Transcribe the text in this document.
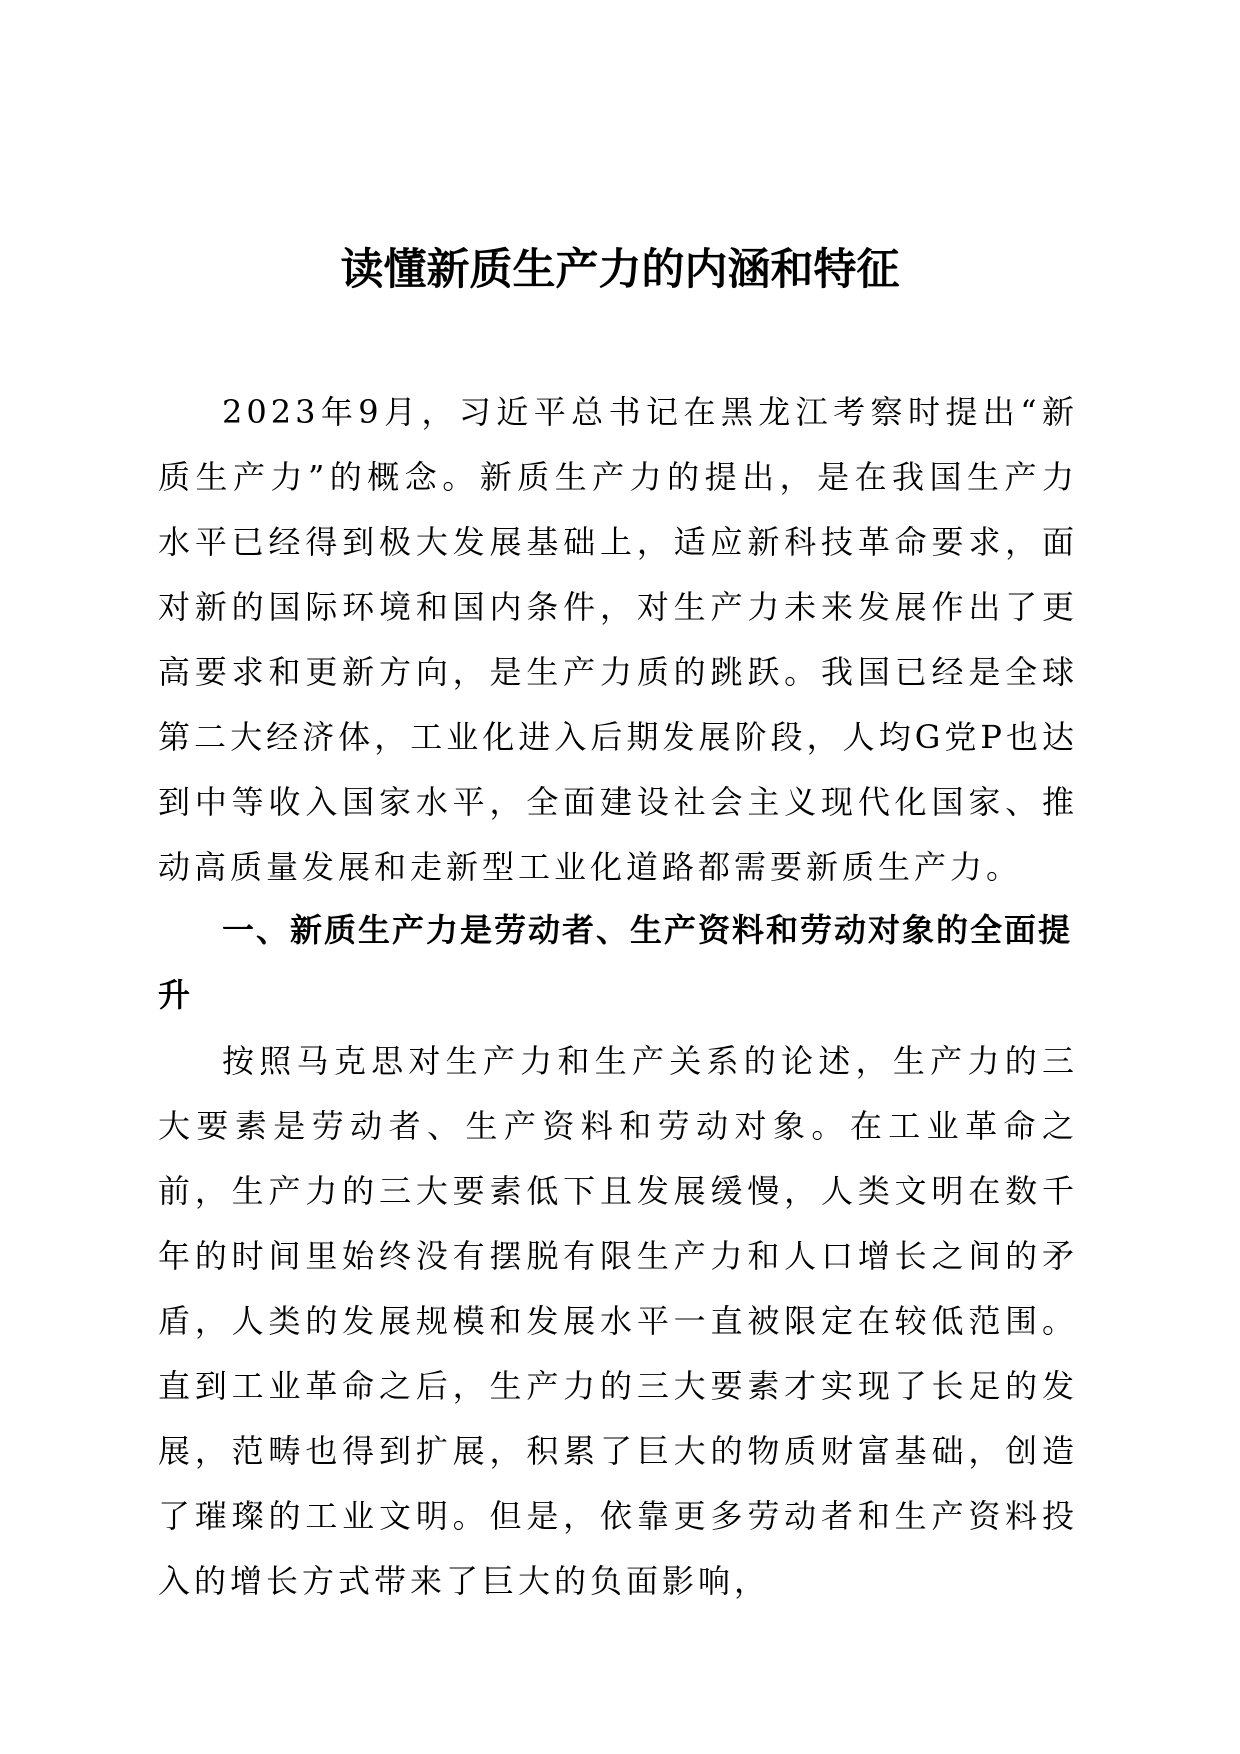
读懂新质生产力的内涵和特征

2023年9月，习近平总书记在黑龙江考察时提出“新质生产力”的概念。新质生产力的提出，是在我国生产力水平已经得到极大发展基础上，适应新科技革命要求，面对新的国际环境和国内条件，对生产力未来发展作出了更高要求和更新方向，是生产力质的跳跃。我国已经是全球第二大经济体，工业化进入后期发展阶段，人均G党P也达到中等收入国家水平，全面建设社会主义现代化国家、推动高质量发展和走新型工业化道路都需要新质生产力。

一、新质生产力是劳动者、生产资料和劳动对象的全面提升

按照马克思对生产力和生产关系的论述，生产力的三大要素是劳动者、生产资料和劳动对象。在工业革命之前，生产力的三大要素低下且发展缓慢，人类文明在数千年的时间里始终没有摆脱有限生产力和人口增长之间的矛盾，人类的发展规模和发展水平一直被限定在较低范围。直到工业革命之后，生产力的三大要素才实现了长足的发展，范畴也得到扩展，积累了巨大的物质财富基础，创造了璀璨的工业文明。但是，依靠更多劳动者和生产资料投入的增长方式带来了巨大的负面影响，
